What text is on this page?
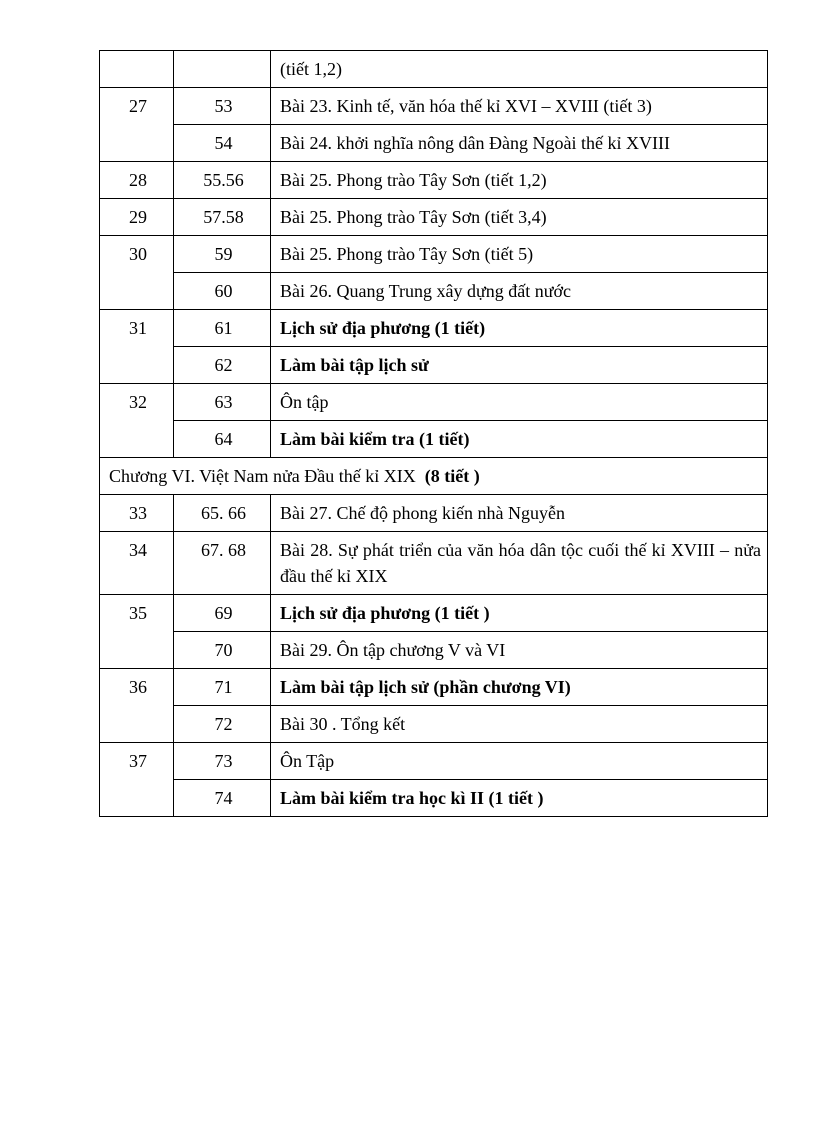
		(tiết 1,2)
27	53	Bài 23. Kinh tế, văn hóa thế kỉ XVI – XVIII (tiết 3)
	54	Bài 24. khởi nghĩa nông dân Đàng Ngoài thế kỉ XVIII
28	55.56	Bài 25. Phong trào Tây Sơn (tiết 1,2)
29	57.58	Bài 25. Phong trào Tây Sơn (tiết 3,4)
30	59	Bài 25. Phong trào Tây Sơn (tiết 5)
	60	Bài 26. Quang Trung xây dựng đất nước
31	61	Lịch sử địa phương (1 tiết)
	62	Làm bài tập lịch sử
32	63	Ôn tập
	64	Làm bài kiểm tra (1 tiết)
Chương VI. Việt Nam nửa Đầu thế kỉ XIX (8 tiết )		
33	65. 66	Bài 27. Chế độ phong kiến nhà Nguyễn
34	67. 68	Bài 28. Sự phát triển của văn hóa dân tộc cuối thế kỉ XVIII – nửa đầu thế kỉ XIX
35	69	Lịch sử địa phương (1 tiết )
	70	Bài 29. Ôn tập chương V và VI
36	71	Làm bài tập lịch sử (phần chương VI)
	72	Bài 30 . Tổng kết
37	73	Ôn Tập
	74	Làm bài kiểm tra học kì II (1 tiết )
